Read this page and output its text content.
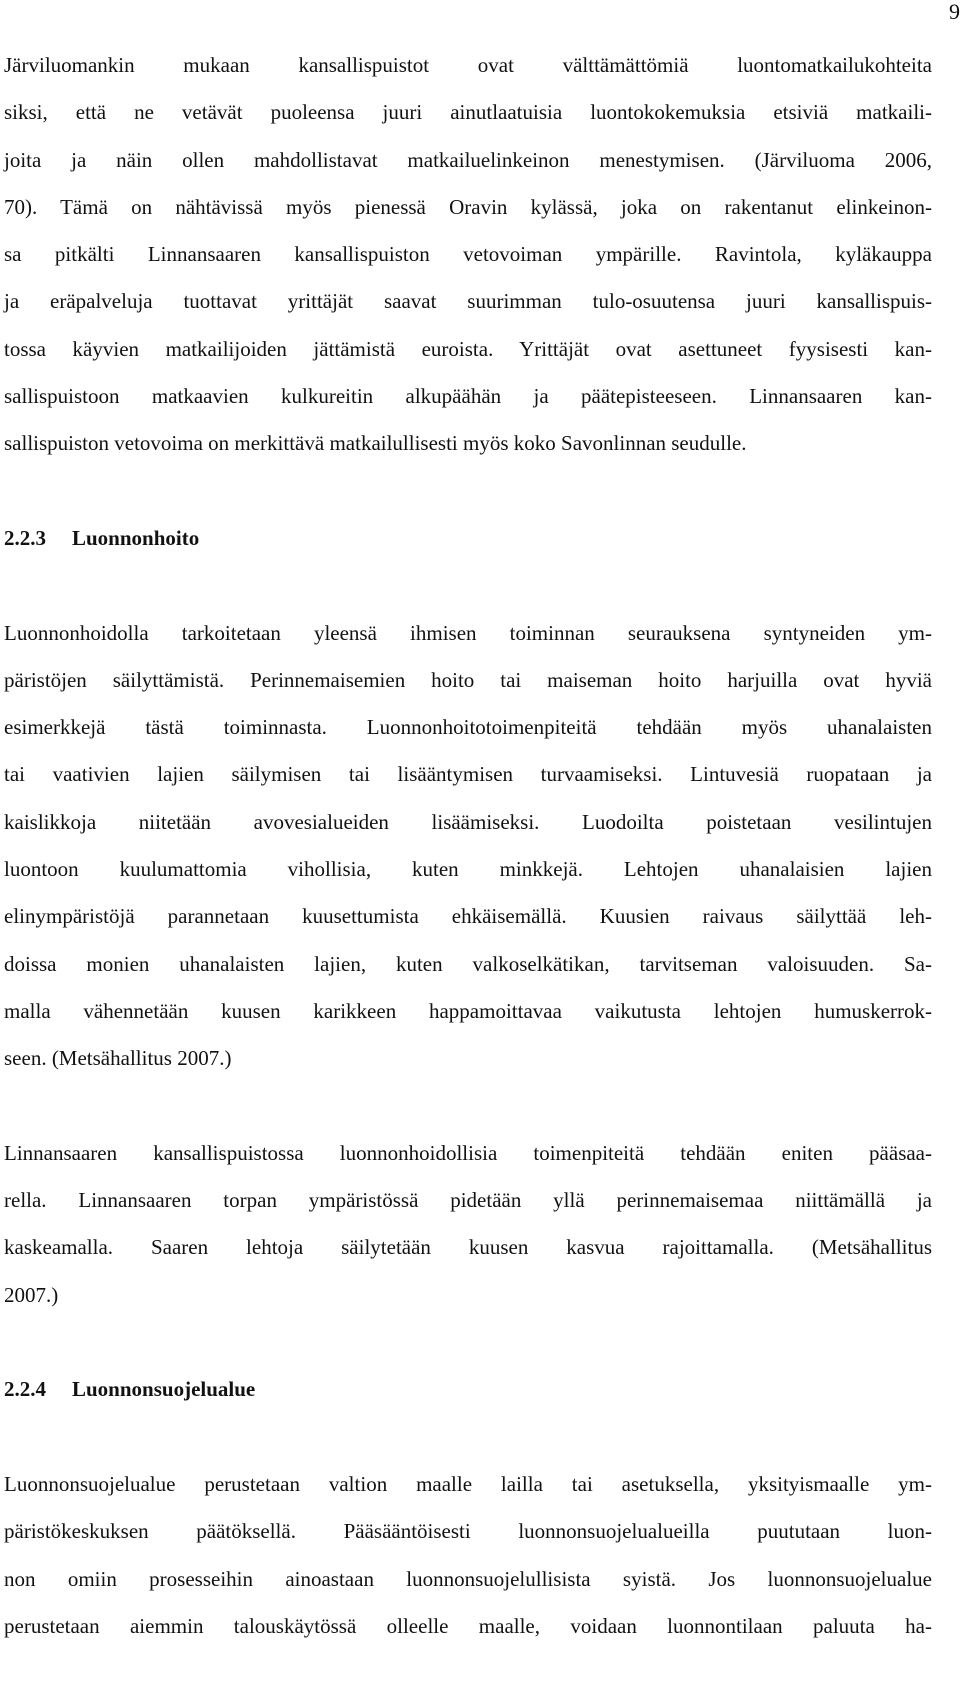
9
Järviluomankin mukaan kansallispuistot ovat välttämättömiä luontomatkailukohteita
siksi, että ne vetävät puoleensa juuri ainutlaatuisia luontokokemuksia etsiviä matkaili-
joita ja näin ollen mahdollistavat matkailuelinkeinon menestymisen. (Järviluoma 2006,
70). Tämä on nähtävissä myös pienessä Oravin kylässä, joka on rakentanut elinkeinon-
sa pitkälti Linnansaaren kansallispuiston vetovoiman ympärille. Ravintola, kyläkauppa
ja eräpalveluja tuottavat yrittäjät saavat suurimman tulo-osuutensa juuri kansallispuis-
tossa käyvien matkailijoiden jättämistä euroista. Yrittäjät ovat asettuneet fyysisesti kan-
sallispuistoon matkaavien kulkureitin alkupäähän ja päätepisteeseen. Linnansaaren kan-
sallispuiston vetovoima on merkittävä matkailullisesti myös koko Savonlinnan seudulle.
2.2.3 Luonnonhoito
Luonnonhoidolla tarkoitetaan yleensä ihmisen toiminnan seurauksena syntyneiden ym-
päristöjen säilyttämistä. Perinnemaisemien hoito tai maiseman hoito harjuilla ovat hyviä
esimerkkejä tästä toiminnasta. Luonnonhoitotoimenpiteitä tehdään myös uhanalaisten
tai vaativien lajien säilymisen tai lisääntymisen turvaamiseksi. Lintuvesiä ruopataan ja
kaislikkoja niitetään avovesialueiden lisäämiseksi. Luodoilta poistetaan vesilintujen
luontoon kuulumattomia vihollisia, kuten minkkejä. Lehtojen uhanalaisien lajien
elinympäristöjä parannetaan kuusettumista ehkäisemällä. Kuusien raivaus säilyttää leh-
doissa monien uhanalaisten lajien, kuten valkoselkätikan, tarvitseman valoisuuden. Sa-
malla vähennetään kuusen karikkeen happamoittavaa vaikutusta lehtojen humuskerrok-
seen. (Metsähallitus 2007.)
Linnansaaren kansallispuistossa luonnonhoidollisia toimenpiteitä tehdään eniten pääsaa-
rella. Linnansaaren torpan ympäristössä pidetään yllä perinnemaisemaa niittämällä ja
kaskeamalla. Saaren lehtoja säilytetään kuusen kasvua rajoittamalla. (Metsähallitus
2007.)
2.2.4 Luonnonsuojelualue
Luonnonsuojelualue perustetaan valtion maalle lailla tai asetuksella, yksityismaalle ym-
päristökeskuksen päätöksellä. Pääsääntöisesti luonnonsuojelualueilla puututaan luon-
non omiin prosesseihin ainoastaan luonnonsuojelullisista syistä. Jos luonnonsuojelualue
perustetaan aiemmin talouskäytössä olleelle maalle, voidaan luonnontilaan paluuta ha-
